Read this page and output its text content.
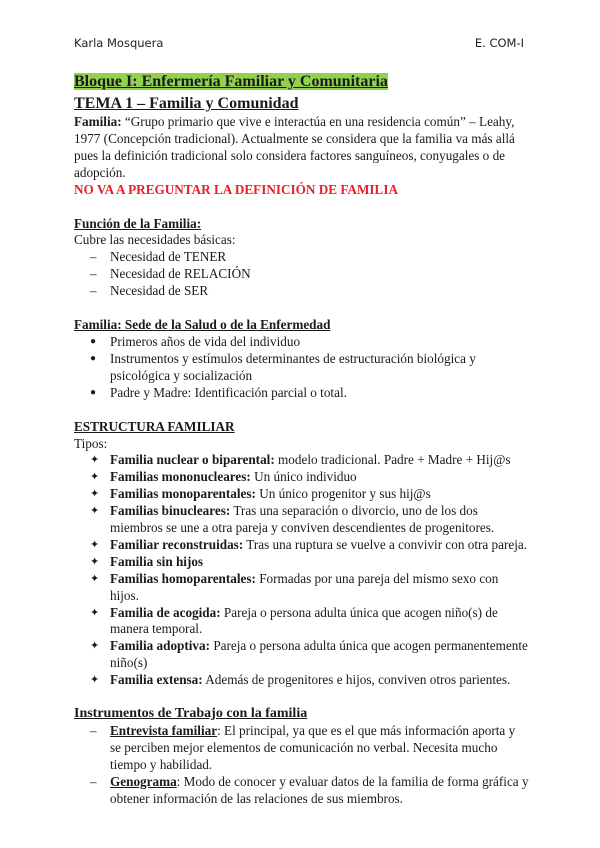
Karla Mosquera	E. COM-I
Bloque I: Enfermería Familiar y Comunitaria
TEMA 1 – Familia y Comunidad

Familia: “Grupo primario que vive e interactúa en una residencia común” – Leahy, 1977 (Concepción tradicional). Actualmente se considera que la familia va más allá pues la definición tradicional solo considera factores sanguíneos, conyugales o de adopción.

NO VA A PREGUNTAR LA DEFINICIÓN DE FAMILIA

Función de la Familia:
Cubre las necesidades básicas:
– Necesidad de TENER
– Necesidad de RELACIÓN
– Necesidad de SER
Familia: Sede de la Salud o de la Enfermedad
● Primeros años de vida del individuo
● Instrumentos y estímulos determinantes de estructuración biológica y psicológica y socialización
● Padre y Madre: Identificación parcial o total.
ESTRUCTURA FAMILIAR
Tipos:
✦ Familia nuclear o biparental: modelo tradicional. Padre + Madre + Hij@s
✦ Familias mononucleares: Un único individuo
✦ Familias monoparentales: Un único progenitor y sus hij@s
✦ Familias binucleares: Tras una separación o divorcio, uno de los dos miembros se une a otra pareja y conviven descendientes de progenitores.
✦ Familiar reconstruidas: Tras una ruptura se vuelve a convivir con otra pareja.
✦ Familia sin hijos
✦ Familias homoparentales: Formadas por una pareja del mismo sexo con hijos.
✦ Familia de acogida: Pareja o persona adulta única que acogen niño(s) de manera temporal.
✦ Familia adoptiva: Pareja o persona adulta única que acogen permanentemente niño(s)
✦ Familia extensa: Además de progenitores e hijos, conviven otros parientes.
Instrumentos de Trabajo con la familia
– Entrevista familiar: El principal, ya que es el que más información aporta y se perciben mejor elementos de comunicación no verbal. Necesita mucho tiempo y habilidad.
– Genograma: Modo de conocer y evaluar datos de la familia de forma gráfica y obtener información de las relaciones de sus miembros.
